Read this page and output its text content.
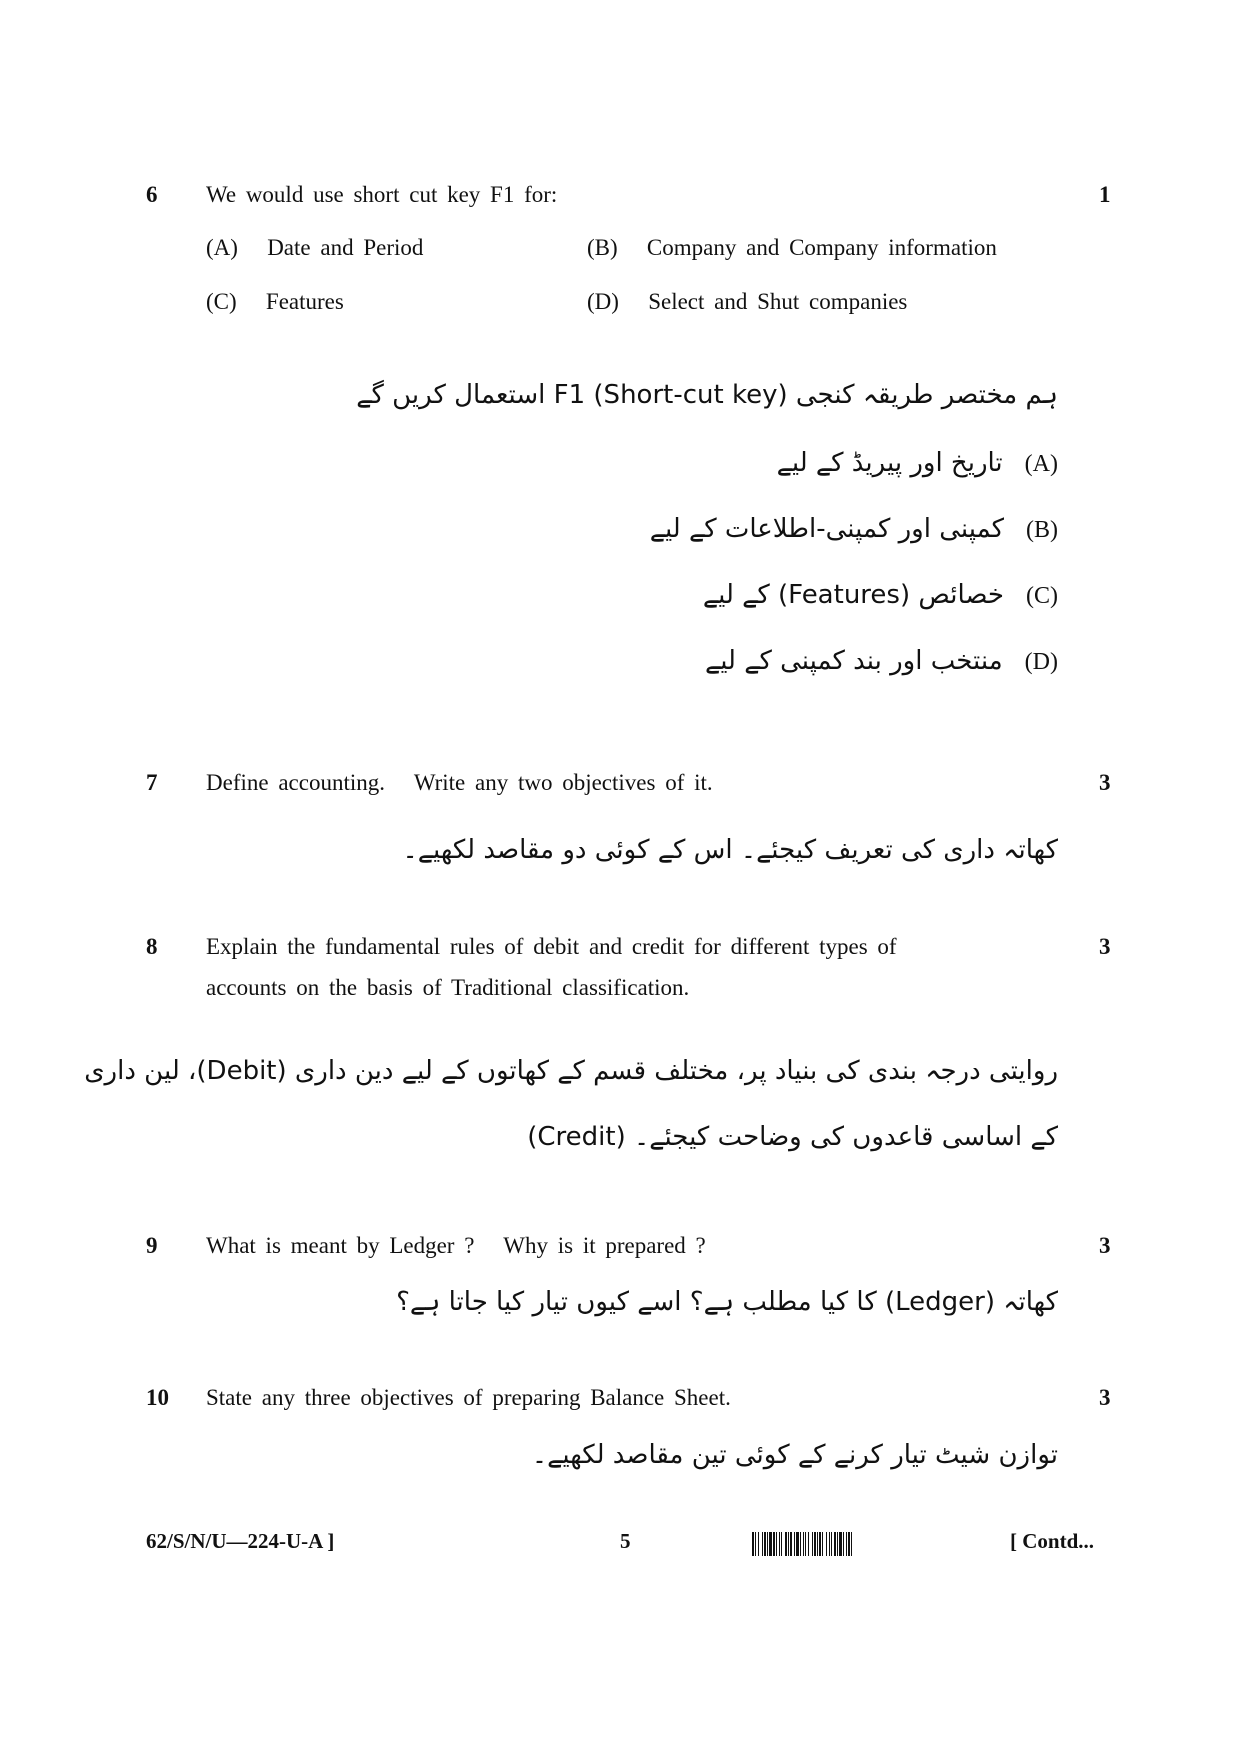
6 We would use short cut key F1 for:	1
(A) Date and Period	(B) Company and Company information
(C) Features	(D) Select and Shut companies
ہم مختصر طریقہ کنجی F1 (Short-cut key) استعمال کریں گے
(A)
تاریخ اور پیریڈ کے لیے
(B)
کمپنی اور کمپنی-اطلاعات کے لیے
(C)
خصائص (Features) کے لیے
(D)
منتخب اور بند کمپنی کے لیے
7 Define accounting.   Write any two objectives of it.	3
کھاتہ داری کی تعریف کیجئے۔ اس کے کوئی دو مقاصد لکھیے۔
8 Explain the fundamental rules of debit and credit for different types of
accounts on the basis of Traditional classification.
3
روایتی درجہ بندی کی بنیاد پر، مختلف قسم کے کھاتوں کے لیے دین داری (Debit)، لین داری
(Credit) کے اساسی قاعدوں کی وضاحت کیجئے۔
9 What is meant by Ledger ?   Why is it prepared ?	3
کھاتہ (Ledger) کا کیا مطلب ہے؟ اسے کیوں تیار کیا جاتا ہے؟
10 State any three objectives of preparing Balance Sheet.	3
توازن شیٹ تیار کرنے کے کوئی تین مقاصد لکھیے۔
62/S/N/U—224-U-A ]	5	[ Contd...
